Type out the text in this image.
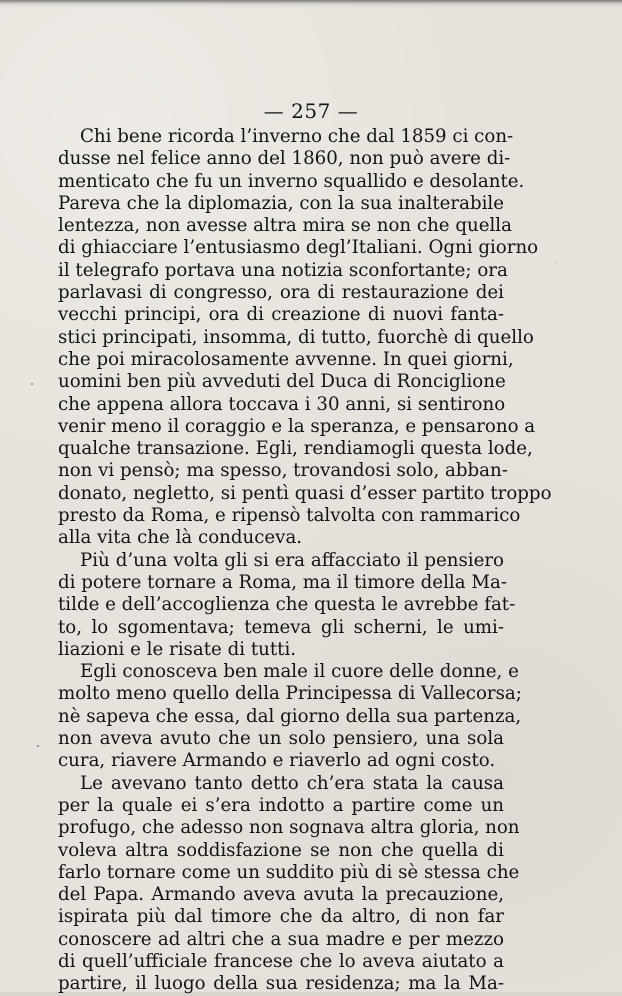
— 257 —
Chi bene ricorda l’inverno che dal 1859 ci con-
dusse nel felice anno del 1860, non può avere di-
menticato che fu un inverno squallido e desolante.
Pareva che la diplomazia, con la sua inalterabile
lentezza, non avesse altra mira se non che quella
di ghiacciare l’entusiasmo degl’Italiani. Ogni giorno
il telegrafo portava una notizia sconfortante; ora
parlavasi di congresso, ora di restaurazione dei
vecchi principi, ora di creazione di nuovi fanta-
stici principati, insomma, di tutto, fuorchè di quello
che poi miracolosamente avvenne. In quei giorni,
uomini ben più avveduti del Duca di Ronciglione
che appena allora toccava i 30 anni, si sentirono
venir meno il coraggio e la speranza, e pensarono a
qualche transazione. Egli, rendiamogli questa lode,
non vi pensò; ma spesso, trovandosi solo, abban-
donato, negletto, si pentì quasi d’esser partito troppo
presto da Roma, e ripensò talvolta con rammarico
alla vita che là conduceva.
Più d’una volta gli si era affacciato il pensiero
di potere tornare a Roma, ma il timore della Ma-
tilde e dell’accoglienza che questa le avrebbe fat-
to, lo sgomentava; temeva gli scherni, le umi-
liazioni e le risate di tutti.
Egli conosceva ben male il cuore delle donne, e
molto meno quello della Principessa di Vallecorsa;
nè sapeva che essa, dal giorno della sua partenza,
non aveva avuto che un solo pensiero, una sola
cura, riavere Armando e riaverlo ad ogni costo.
Le avevano tanto detto ch’era stata la causa
per la quale ei s’era indotto a partire come un
profugo, che adesso non sognava altra gloria, non
voleva altra soddisfazione se non che quella di
farlo tornare come un suddito più di sè stessa che
del Papa. Armando aveva avuta la precauzione,
ispirata più dal timore che da altro, di non far
conoscere ad altri che a sua madre e per mezzo
di quell’ufficiale francese che lo aveva aiutato a
partire, il luogo della sua residenza; ma la Ma-
